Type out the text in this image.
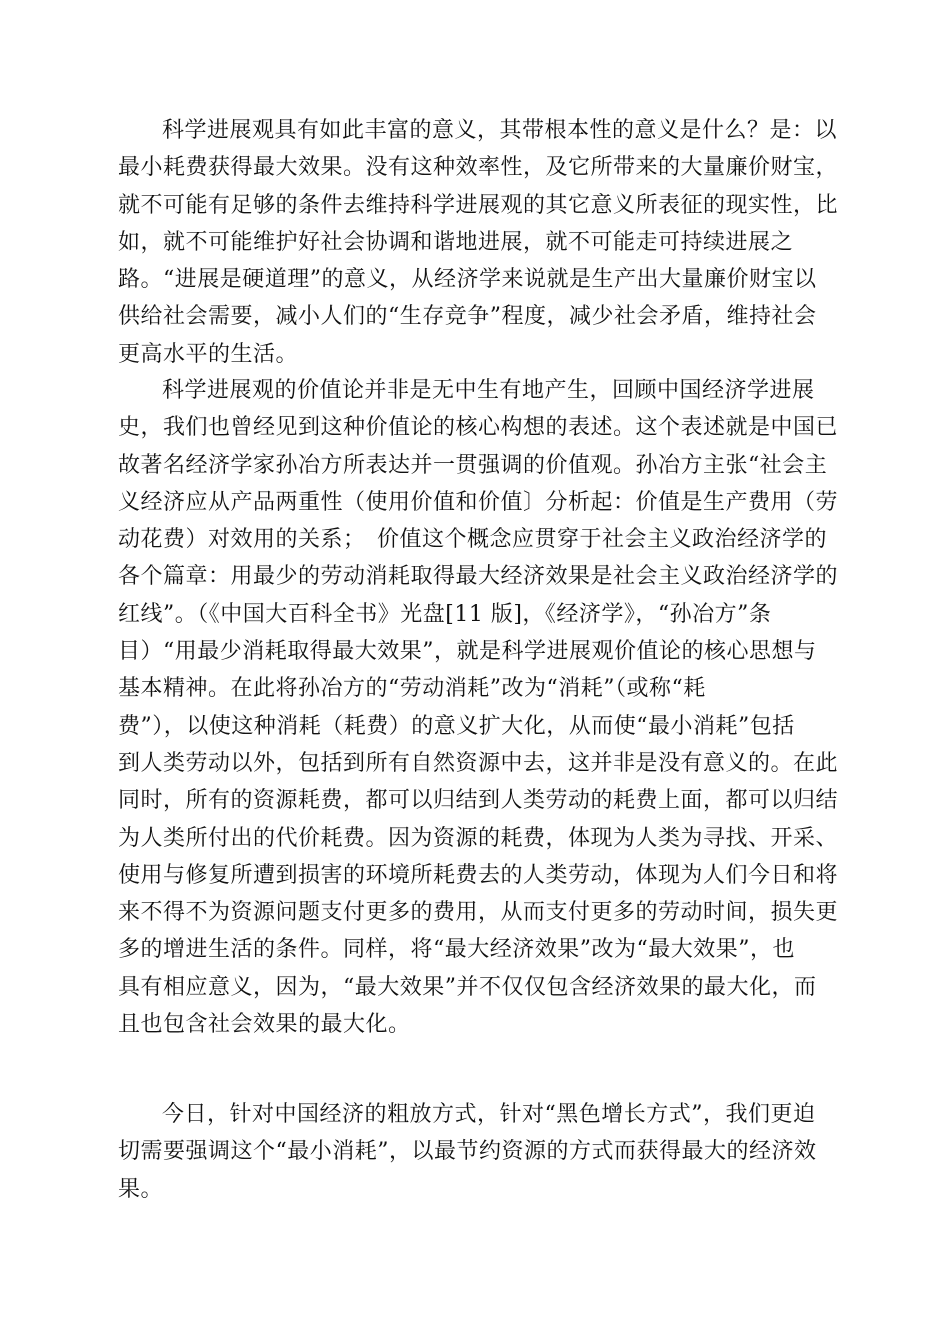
科学进展观具有如此丰富的意义，其带根本性的意义是什么？是：以
最小耗费获得最大效果。没有这种效率性，及它所带来的大量廉价财宝，
就不可能有足够的条件去维持科学进展观的其它意义所表征的现实性，比
如，就不可能维护好社会协调和谐地进展，就不可能走可持续进展之
路。“进展是硬道理”的意义，从经济学来说就是生产出大量廉价财宝以
供给社会需要，减小人们的“生存竞争”程度，减少社会矛盾，维持社会
更高水平的生活。

科学进展观的价值论并非是无中生有地产生，回顾中国经济学进展
史，我们也曾经见到这种价值论的核心构想的表述。这个表述就是中国已
故著名经济学家孙冶方所表达并一贯强调的价值观。孙冶方主张“社会主
义经济应从产品两重性（使用价值和价值〕分析起：价值是生产费用（劳
动花费）对效用的关系；　价值这个概念应贯穿于社会主义政治经济学的
各个篇章：用最少的劳动消耗取得最大经济效果是社会主义政治经济学的
红线”。（《中国大百科全书》光盘[11 版]，《经济学》，“孙冶方”条
目）“用最少消耗取得最大效果”，就是科学进展观价值论的核心思想与
基本精神。在此将孙冶方的“劳动消耗”改为“消耗”（或称“耗
费”），以使这种消耗（耗费）的意义扩大化，从而使“最小消耗”包括
到人类劳动以外，包括到所有自然资源中去，这并非是没有意义的。在此
同时，所有的资源耗费，都可以归结到人类劳动的耗费上面，都可以归结
为人类所付出的代价耗费。因为资源的耗费，体现为人类为寻找、开采、
使用与修复所遭到损害的环境所耗费去的人类劳动，体现为人们今日和将
来不得不为资源问题支付更多的费用，从而支付更多的劳动时间，损失更
多的增进生活的条件。同样，将“最大经济效果”改为“最大效果”，也
具有相应意义，因为，“最大效果”并不仅仅包含经济效果的最大化，而
且也包含社会效果的最大化。

今日，针对中国经济的粗放方式，针对“黑色增长方式”，我们更迫
切需要强调这个“最小消耗”，以最节约资源的方式而获得最大的经济效
果。
